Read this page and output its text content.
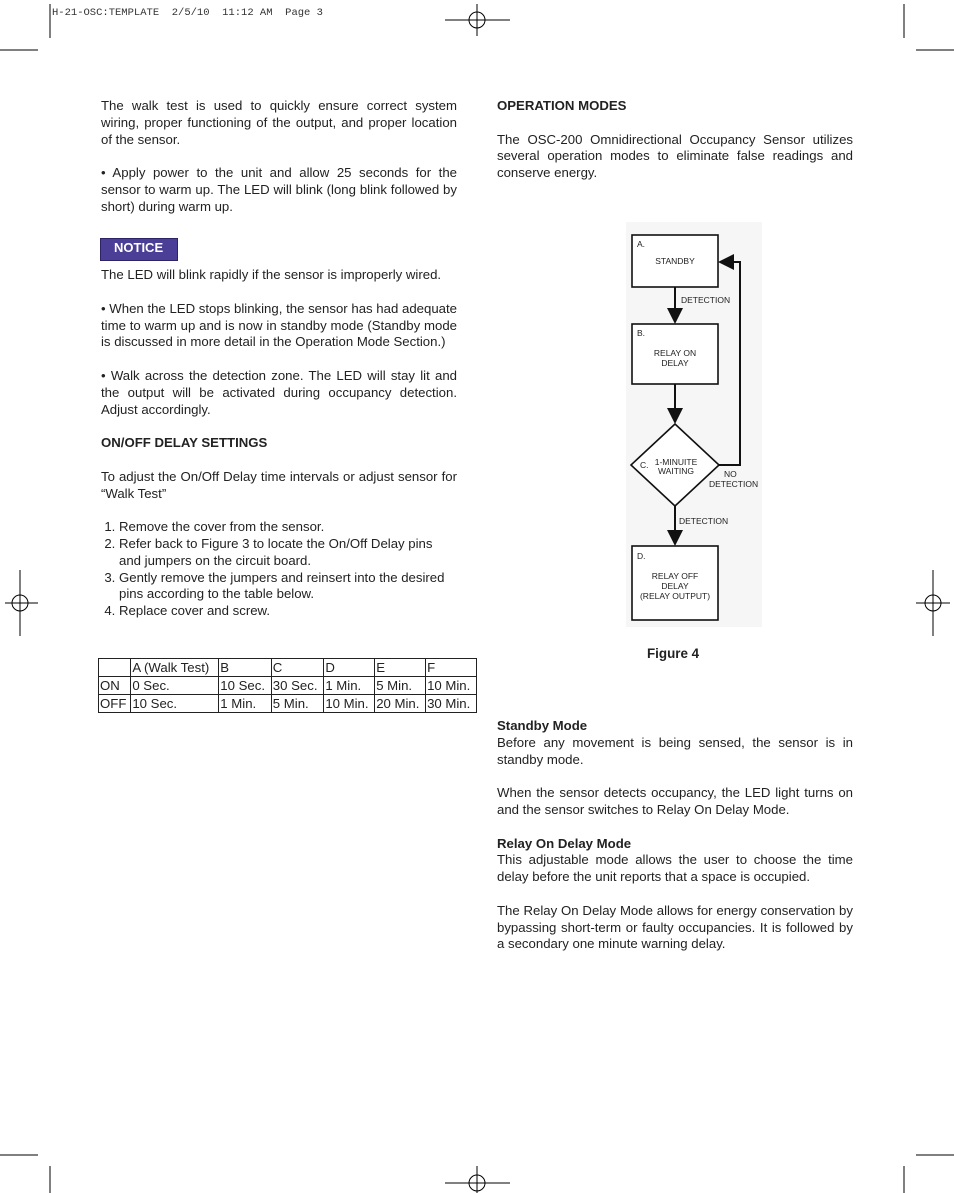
H-21-OSC:TEMPLATE  2/5/10  11:12 AM  Page 3

The walk test is used to quickly ensure correct system wiring, proper functioning of the output, and proper location of the sensor.

• Apply power to the unit and allow 25 seconds for the sensor to warm up. The LED will blink (long blink followed by short) during warm up.

NOTICE

The LED will blink rapidly if the sensor is improperly wired.

• When the LED stops blinking, the sensor has had adequate time to warm up and is now in standby mode (Standby mode is discussed in more detail in the Operation Mode Section.)

• Walk across the detection zone. The LED will stay lit and the output will be activated during occupancy detection. Adjust accordingly.

ON/OFF DELAY SETTINGS

To adjust the On/Off Delay time intervals or adjust sensor for “Walk Test”

1. Remove the cover from the sensor.
2. Refer back to Figure 3 to locate the On/Off Delay pins and jumpers on the circuit board.
3. Gently remove the jumpers and reinsert into the desired pins according to the table below.
4. Replace cover and screw.
	A (Walk Test)	B	C	D	E	F
ON	0 Sec.	10 Sec.	30 Sec.	1 Min.	5 Min.	10 Min.
OFF	10 Sec.	1 Min.	5 Min.	10 Min.	20 Min.	30 Min.

OPERATION MODES

The OSC-200 Omnidirectional Occupancy Sensor utilizes several operation modes to eliminate false readings and conserve energy.

A.
STANDBY
DETECTION
B.
RELAY ON
DELAY
C. 1-MINUITE
WAITING	NO
DETECTION
DETECTION
D.
RELAY OFF
DELAY
(RELAY OUTPUT)
Figure 4

Standby Mode

Before any movement is being sensed, the sensor is in standby mode.

When the sensor detects occupancy, the LED light turns on and the sensor switches to Relay On Delay Mode.

Relay On Delay Mode

This adjustable mode allows the user to choose the time delay before the unit reports that a space is occupied.

The Relay On Delay Mode allows for energy conservation by bypassing short-term or faulty occupancies. It is followed by a secondary one minute warning delay.
